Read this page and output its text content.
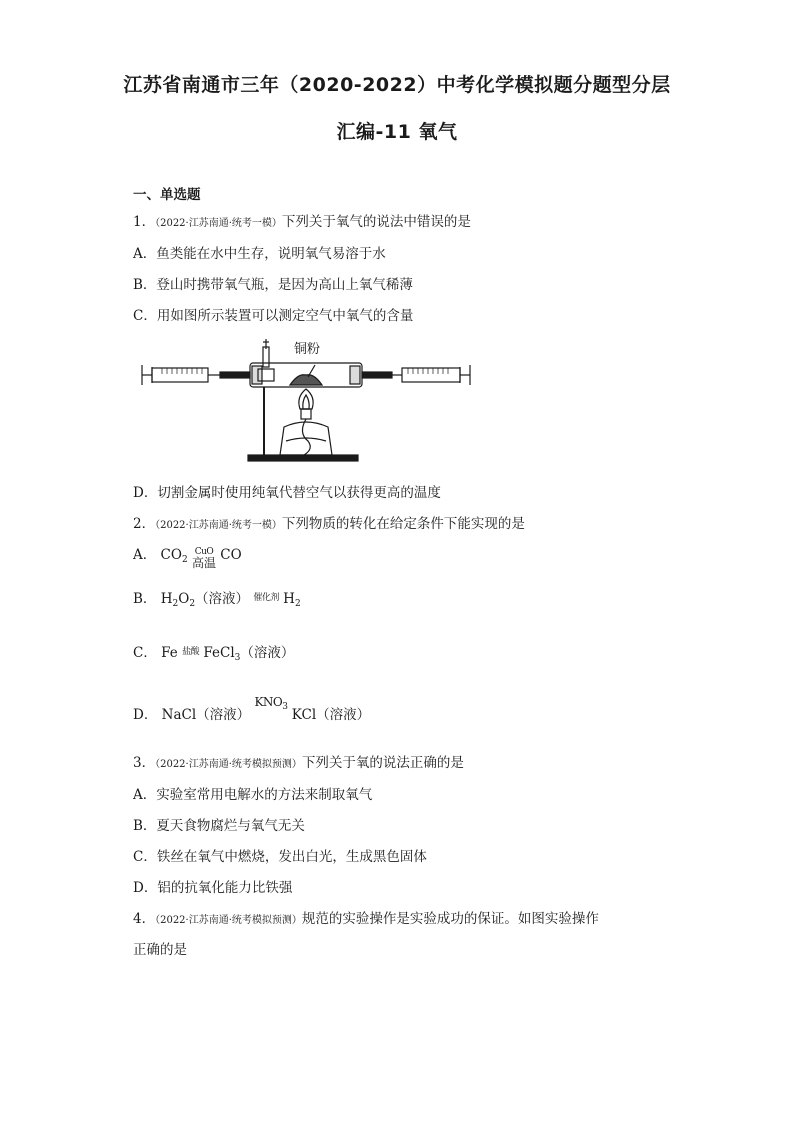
江苏省南通市三年（2020-2022）中考化学模拟题分题型分层
汇编-11 氧气
一、单选题
1．（2022·江苏南通·统考一模）下列关于氧气的说法中错误的是
A．鱼类能在水中生存，说明氧气易溶于水
B．登山时携带氧气瓶，是因为高山上氧气稀薄
C．用如图所示装置可以测定空气中氧气的含量
铜粉
D．切割金属时使用纯氧代替空气以获得更高的温度
2．（2022·江苏南通·统考一模）下列物质的转化在给定条件下能实现的是
A． $CO_2$
CuO
高温 CO
B． $H_2O_2$（溶液） 催化剂 $H_2$
C． Fe 盐酸 FeCl$_3$（溶液）
D． NaCl（溶液）
$KNO_3$ KCl（溶液）
3．（2022·江苏南通·统考模拟预测）下列关于氧的说法正确的是
A．实验室常用电解水的方法来制取氧气
B．夏天食物腐烂与氧气无关
C．铁丝在氧气中燃烧，发出白光，生成黑色固体
D．铝的抗氧化能力比铁强
4．（2022·江苏南通·统考模拟预测）规范的实验操作是实验成功的保证。如图实验操作
正确的是
